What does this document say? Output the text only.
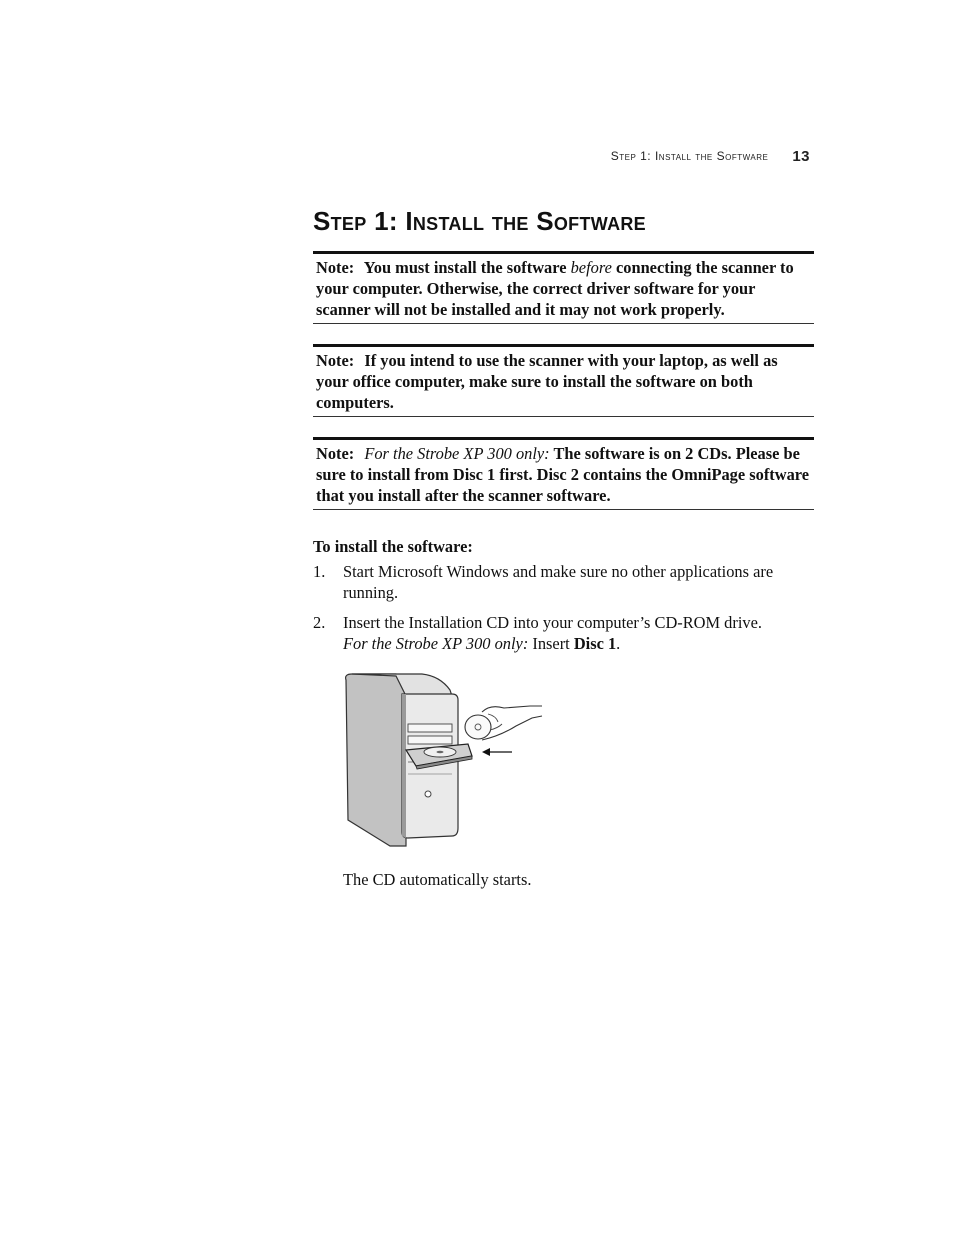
Step 1: Install the Software 13
Step 1: Install the Software
Note: You must install the software before connecting the scanner to your computer. Otherwise, the correct driver software for your scanner will not be installed and it may not work properly.
Note: If you intend to use the scanner with your laptop, as well as your office computer, make sure to install the software on both computers.
Note: For the Strobe XP 300 only: The software is on 2 CDs. Please be sure to install from Disc 1 first. Disc 2 contains the OmniPage software that you install after the scanner software.
To install the software:
1. Start Microsoft Windows and make sure no other applications are running.
2. Insert the Installation CD into your computer’s CD-ROM drive.
For the Strobe XP 300 only: Insert Disc 1.
The CD automatically starts.
